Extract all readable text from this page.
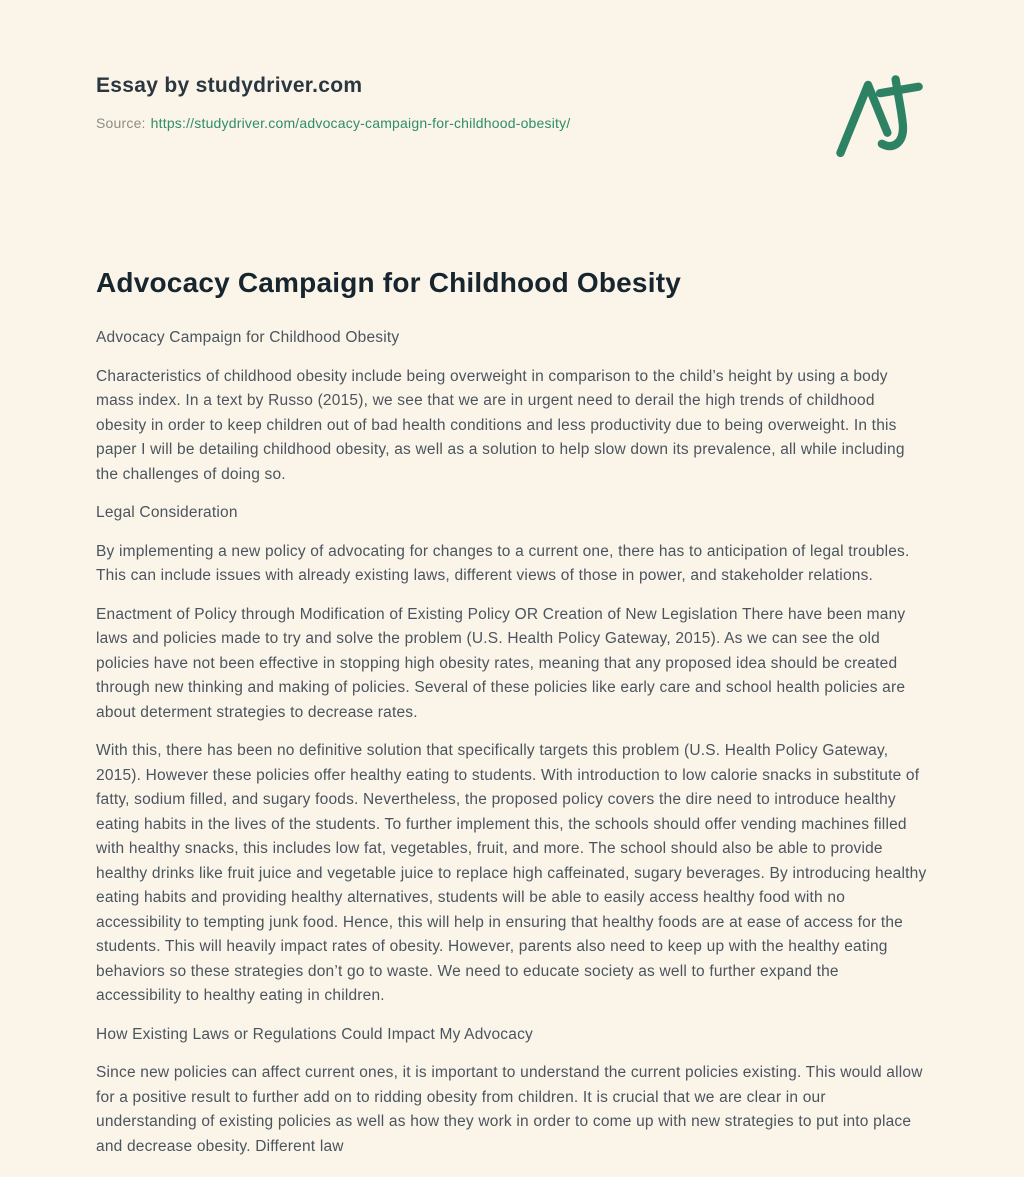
Essay by studydriver.com
Source: https://studydriver.com/advocacy-campaign-for-childhood-obesity/
Advocacy Campaign for Childhood Obesity

Advocacy Campaign for Childhood Obesity

Characteristics of childhood obesity include being overweight in comparison to the child’s height by using a body mass index. In a text by Russo (2015), we see that we are in urgent need to derail the high trends of childhood obesity in order to keep children out of bad health conditions and less productivity due to being overweight. In this paper I will be detailing childhood obesity, as well as a solution to help slow down its prevalence, all while including the challenges of doing so.

Legal Consideration

By implementing a new policy of advocating for changes to a current one, there has to anticipation of legal troubles. This can include issues with already existing laws, different views of those in power, and stakeholder relations.

Enactment of Policy through Modification of Existing Policy OR Creation of New Legislation There have been many laws and policies made to try and solve the problem (U.S. Health Policy Gateway, 2015). As we can see the old policies have not been effective in stopping high obesity rates, meaning that any proposed idea should be created through new thinking and making of policies. Several of these policies like early care and school health policies are about determent strategies to decrease rates.

With this, there has been no definitive solution that specifically targets this problem (U.S. Health Policy Gateway, 2015). However these policies offer healthy eating to students. With introduction to low calorie snacks in substitute of fatty, sodium filled, and sugary foods. Nevertheless, the proposed policy covers the dire need to introduce healthy eating habits in the lives of the students. To further implement this, the schools should offer vending machines filled with healthy snacks, this includes low fat, vegetables, fruit, and more. The school should also be able to provide healthy drinks like fruit juice and vegetable juice to replace high caffeinated, sugary beverages. By introducing healthy eating habits and providing healthy alternatives, students will be able to easily access healthy food with no accessibility to tempting junk food. Hence, this will help in ensuring that healthy foods are at ease of access for the students. This will heavily impact rates of obesity. However, parents also need to keep up with the healthy eating behaviors so these strategies don’t go to waste. We need to educate society as well to further expand the accessibility to healthy eating in children.

How Existing Laws or Regulations Could Impact My Advocacy

Since new policies can affect current ones, it is important to understand the current policies existing. This would allow for a positive result to further add on to ridding obesity from children. It is crucial that we are clear in our understanding of existing policies as well as how they work in order to come up with new strategies to put into place and decrease obesity. Different law
